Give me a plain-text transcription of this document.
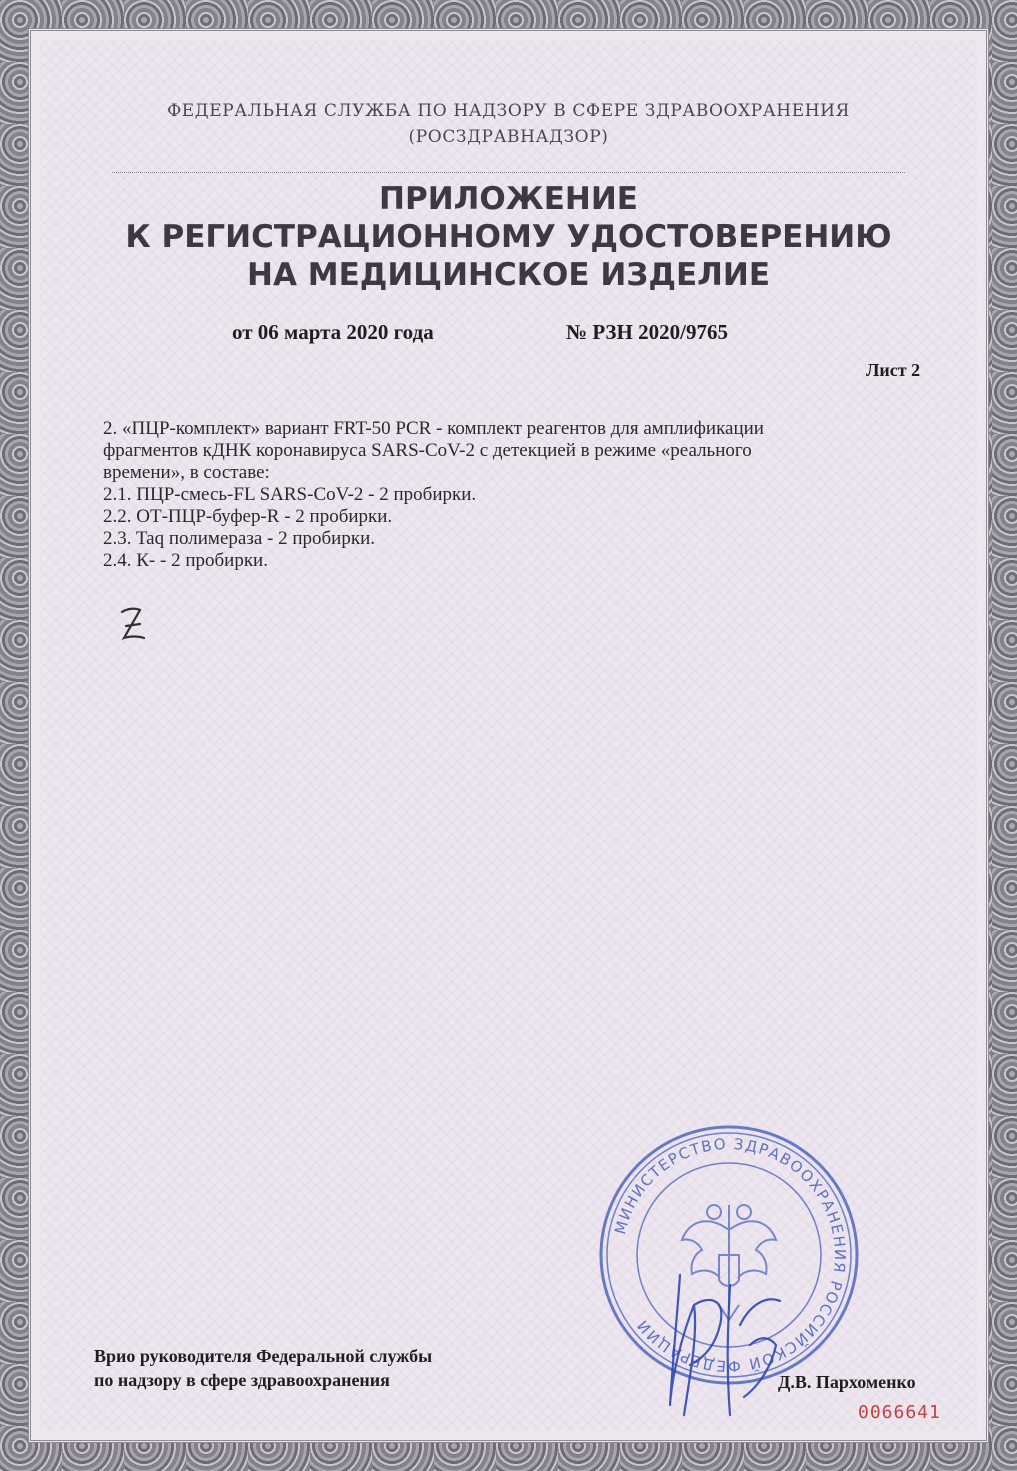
ФЕДЕРАЛЬНАЯ СЛУЖБА ПО НАДЗОРУ В СФЕРЕ ЗДРАВООХРАНЕНИЯ
(РОСЗДРАВНАДЗОР)
ПРИЛОЖЕНИЕ
К РЕГИСТРАЦИОННОМУ УДОСТОВЕРЕНИЮ
НА МЕДИЦИНСКОЕ ИЗДЕЛИЕ
от 06 марта 2020 года	№ РЗН 2020/9765
Лист 2
2. «ПЦР-комплект» вариант FRT-50 PCR - комплект реагентов для амплификации
фрагментов кДНК коронавируса SARS-CoV-2 с детекцией в режиме «реального
времени», в составе:
2.1. ПЦР-смесь-FL SARS-CoV-2 - 2 пробирки.
2.2. ОТ-ПЦР-буфер-R - 2 пробирки.
2.3. Taq полимераза - 2 пробирки.
2.4. К- - 2 пробирки.
МИНИСТЕРСТВО ЗДРАВООХРАНЕНИЯ РОССИЙСКОЙ ФЕДЕРАЦИИ
Врио руководителя Федеральной службы
по надзору в сфере здравоохранения	Д.В. Пархоменко
0066641
